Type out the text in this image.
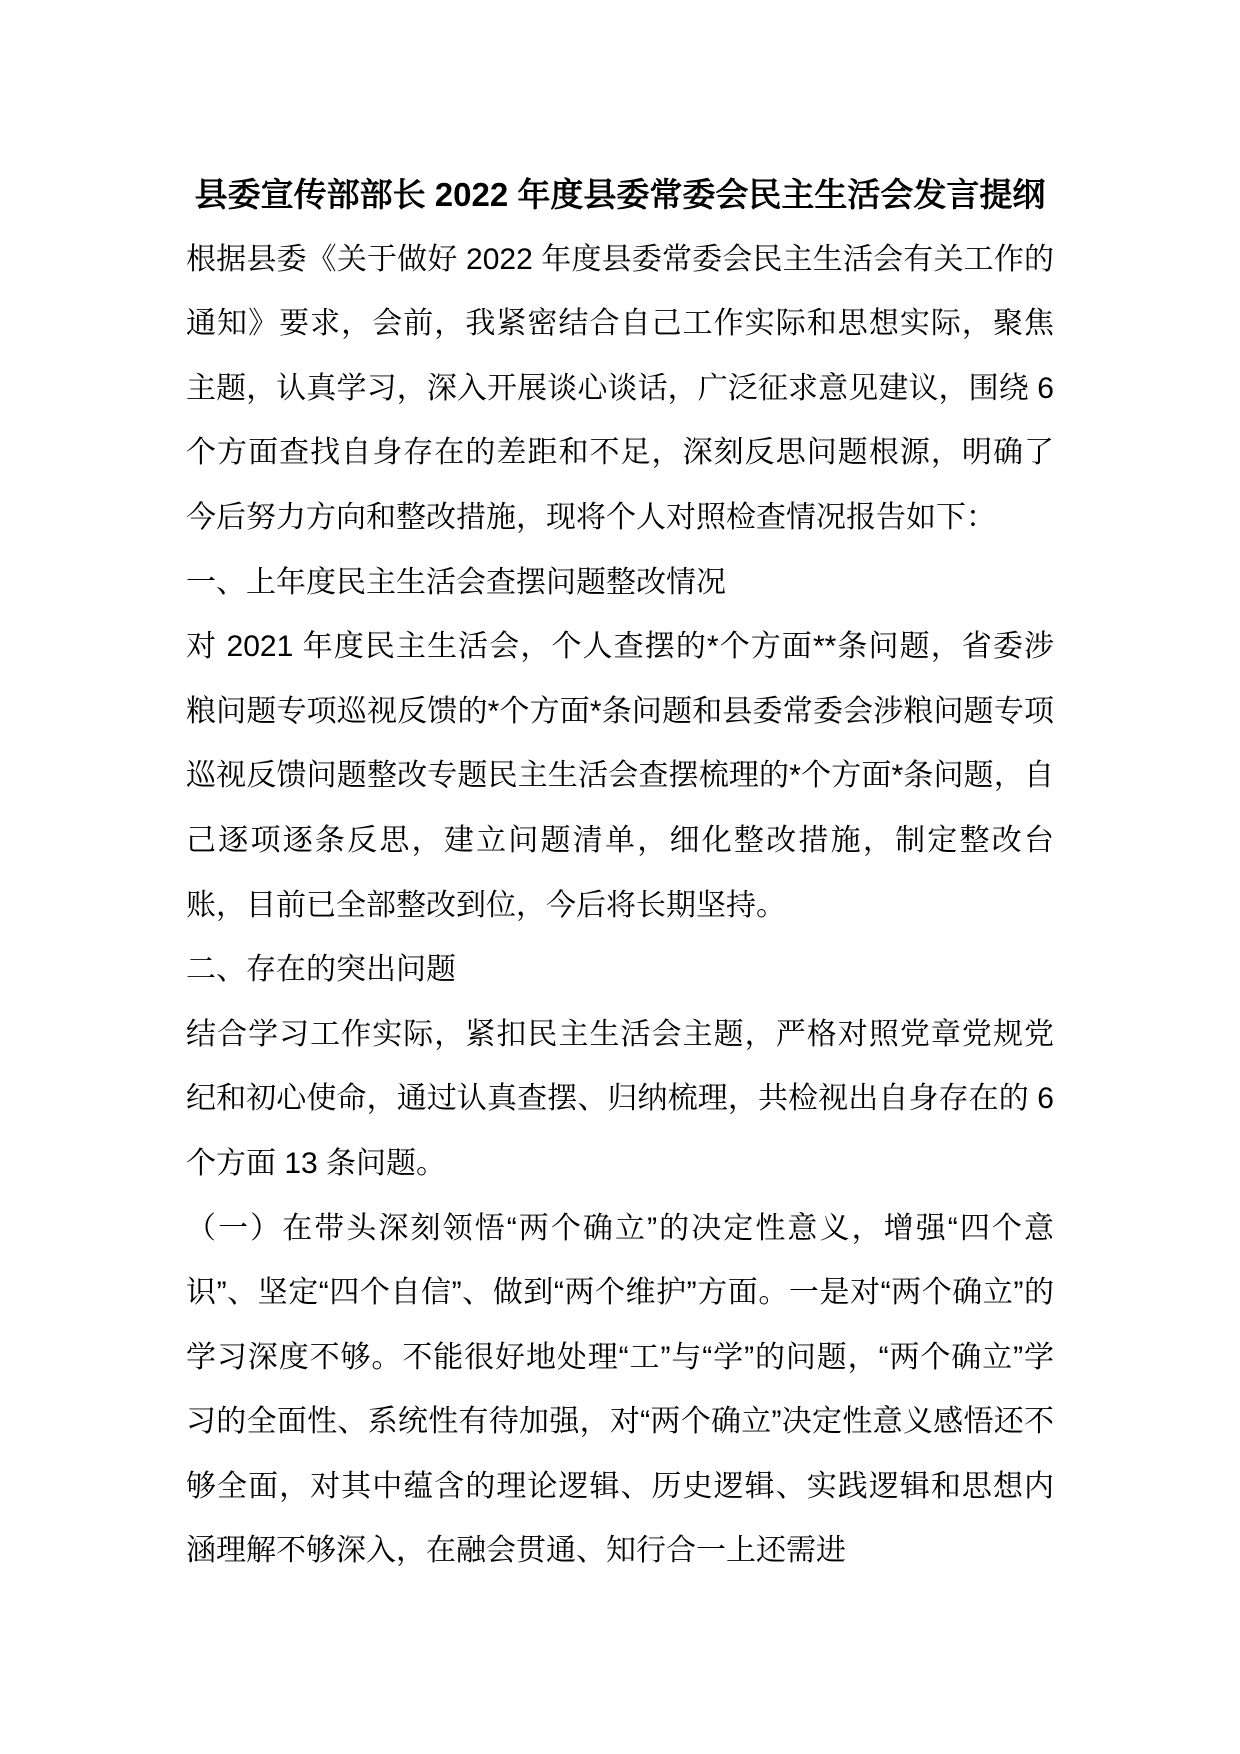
县委宣传部部长 2022 年度县委常委会民主生活会发言提纲

根据县委《关于做好 2022 年度县委常委会民主生活会有关工作的通知》要求，会前，我紧密结合自己工作实际和思想实际，聚焦主题，认真学习，深入开展谈心谈话，广泛征求意见建议，围绕 6 个方面查找自身存在的差距和不足，深刻反思问题根源，明确了今后努力方向和整改措施，现将个人对照检查情况报告如下：

一、上年度民主生活会查摆问题整改情况

对 2021 年度民主生活会，个人查摆的*个方面**条问题，省委涉粮问题专项巡视反馈的*个方面*条问题和县委常委会涉粮问题专项巡视反馈问题整改专题民主生活会查摆梳理的*个方面*条问题，自己逐项逐条反思，建立问题清单，细化整改措施，制定整改台账，目前已全部整改到位，今后将长期坚持。

二、存在的突出问题

结合学习工作实际，紧扣民主生活会主题，严格对照党章党规党纪和初心使命，通过认真查摆、归纳梳理，共检视出自身存在的 6 个方面 13 条问题。

（一）在带头深刻领悟“两个确立”的决定性意义，增强“四个意识”、坚定“四个自信”、做到“两个维护”方面。一是对“两个确立”的学习深度不够。不能很好地处理“工”与“学”的问题，“两个确立”学习的全面性、系统性有待加强，对“两个确立”决定性意义感悟还不够全面，对其中蕴含的理论逻辑、历史逻辑、实践逻辑和思想内涵理解不够深入，在融会贯通、知行合一上还需进
